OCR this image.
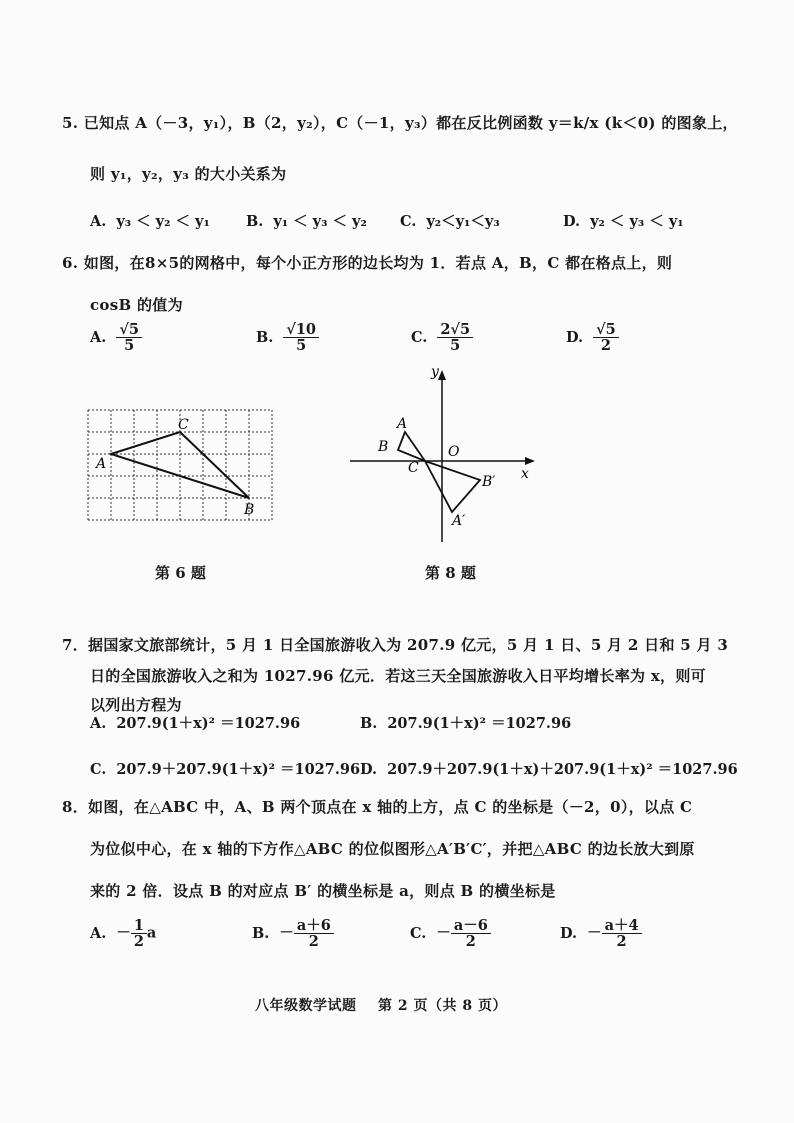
5. 已知点 A（－3，y₁），B（2，y₂），C（－1，y₃）都在反比例函数 y＝k/x (k＜0) 的图象上，
则 y₁，y₂，y₃ 的大小关系为
A. y₃ ＜ y₂ ＜ y₁ B. y₁ ＜ y₃ ＜ y₂ C. y₂＜y₁＜y₃	D. y₂ ＜ y₃ ＜ y₁
6. 如图，在8×5的网格中，每个小正方形的边长均为 1．若点 A，B，C 都在格点上，则
cosB 的值为
A. $\frac{√5}{5}$	B. $\frac{√10}{5}$	C. $\frac{2√5}{5}$	D. $\frac{√5}{2}$
A
C
B
y
x
O
A
B
C
B′
A′
第 6 题	第 8 题
7．据国家文旅部统计，5 月 1 日全国旅游收入为 207.9 亿元，5 月 1 日、5 月 2 日和 5 月 3
日的全国旅游收入之和为 1027.96 亿元．若这三天全国旅游收入日平均增长率为 x，则可
以列出方程为
A. 207.9(1＋x)² ＝1027.96	B. 207.9(1＋x)² ＝1027.96
C. 207.9＋207.9(1＋x)² ＝1027.96 D. 207.9＋207.9(1＋x)＋207.9(1＋x)² ＝1027.96
8．如图，在△ABC 中，A、B 两个顶点在 x 轴的上方，点 C 的坐标是（－2，0），以点 C
为位似中心，在 x 轴的下方作△ABC 的位似图形△A′B′C′，并把△ABC 的边长放大到原
来的 2 倍．设点 B 的对应点 B′ 的横坐标是 a，则点 B 的横坐标是
A. － $\frac{1}{2}$ a	B. － $\frac{a+6}{2}$	C. － $\frac{a-6}{2}$	D. － $\frac{a+4}{2}$
八年级数学试题    第 2 页（共 8 页）
